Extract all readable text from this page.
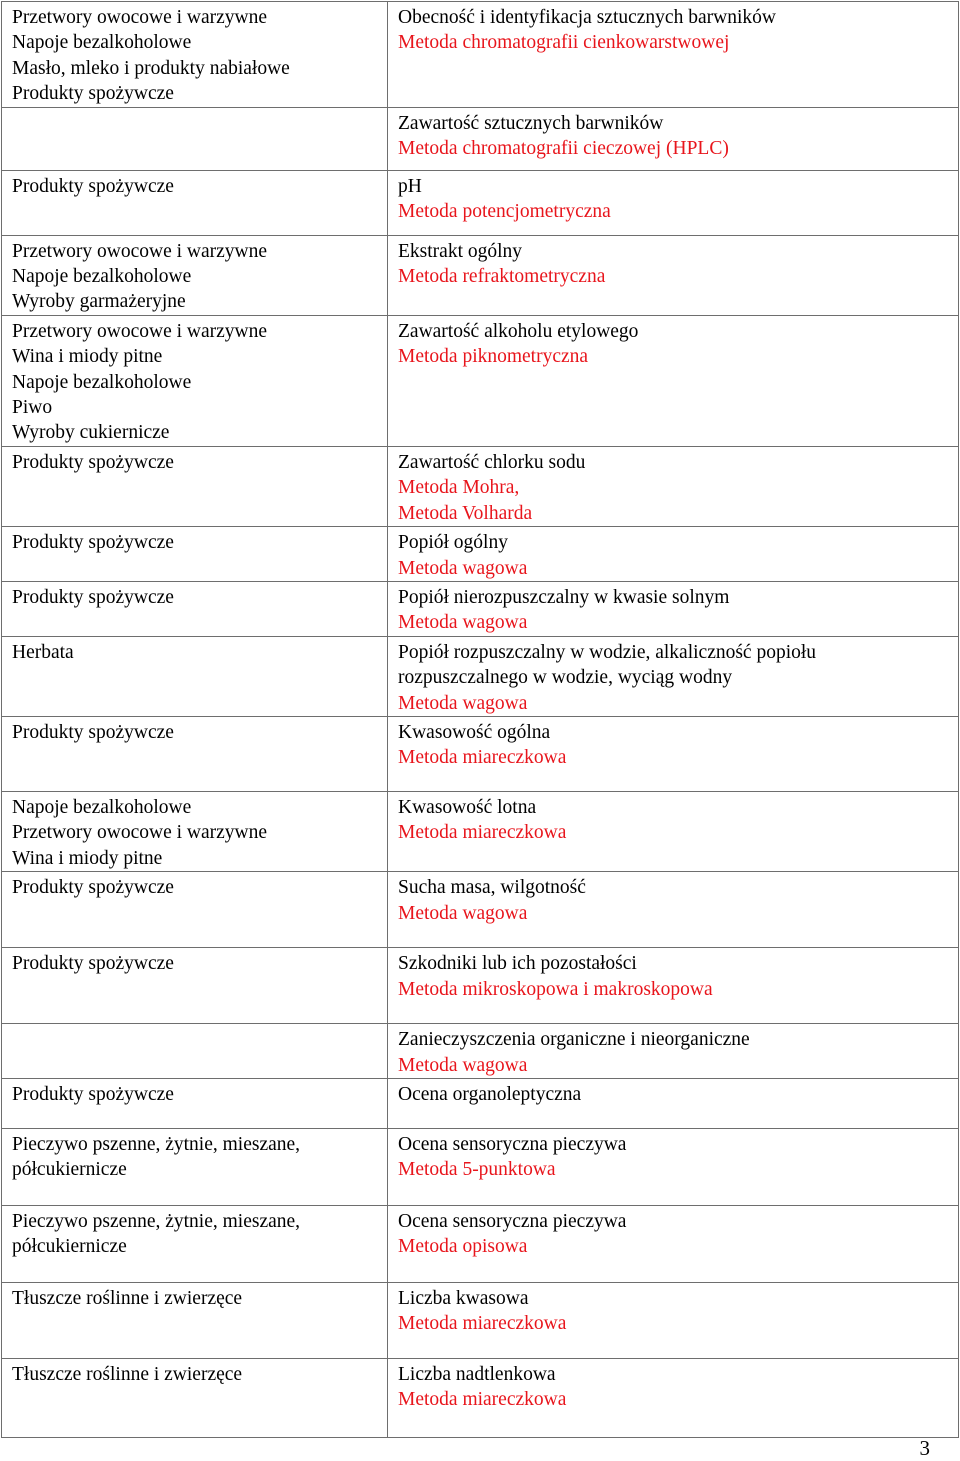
Przetwory owocowe i warzywne
Napoje bezalkoholowe
Masło, mleko i produkty nabiałowe
Produkty spożywcze	Obecność i identyfikacja sztucznych barwników
Metoda chromatografii cienkowarstwowej

	Zawartość sztucznych barwników
Metoda chromatografii cieczowej (HPLC)

Produkty spożywcze	pH
Metoda potencjometryczna

Przetwory owocowe i warzywne
Napoje bezalkoholowe
Wyroby garmażeryjne	Ekstrakt ogólny
Metoda refraktometryczna

Przetwory owocowe i warzywne
Wina i miody pitne
Napoje bezalkoholowe
Piwo
Wyroby cukiernicze	Zawartość alkoholu etylowego
Metoda piknometryczna

Produkty spożywcze	Zawartość chlorku sodu
Metoda Mohra,
Metoda Volharda

Produkty spożywcze	Popiół ogólny
Metoda wagowa

Produkty spożywcze	Popiół nierozpuszczalny w kwasie solnym
Metoda wagowa

Herbata	Popiół rozpuszczalny w wodzie, alkaliczność popiołu
rozpuszczalnego w wodzie, wyciąg wodny
Metoda wagowa

Produkty spożywcze	Kwasowość ogólna
Metoda miareczkowa

Napoje bezalkoholowe
Przetwory owocowe i warzywne
Wina i miody pitne	Kwasowość lotna
Metoda miareczkowa

Produkty spożywcze	Sucha masa, wilgotność
Metoda wagowa

Produkty spożywcze	Szkodniki lub ich pozostałości
Metoda mikroskopowa i makroskopowa

	Zanieczyszczenia organiczne i nieorganiczne
Metoda wagowa

Produkty spożywcze	Ocena organoleptyczna

Pieczywo pszenne, żytnie, mieszane,
półcukiernicze	Ocena sensoryczna pieczywa
Metoda 5-punktowa

Pieczywo pszenne, żytnie, mieszane,
półcukiernicze	Ocena sensoryczna pieczywa
Metoda opisowa

Tłuszcze roślinne i zwierzęce	Liczba kwasowa
Metoda miareczkowa

Tłuszcze roślinne i zwierzęce	Liczba nadtlenkowa
Metoda miareczkowa
3
